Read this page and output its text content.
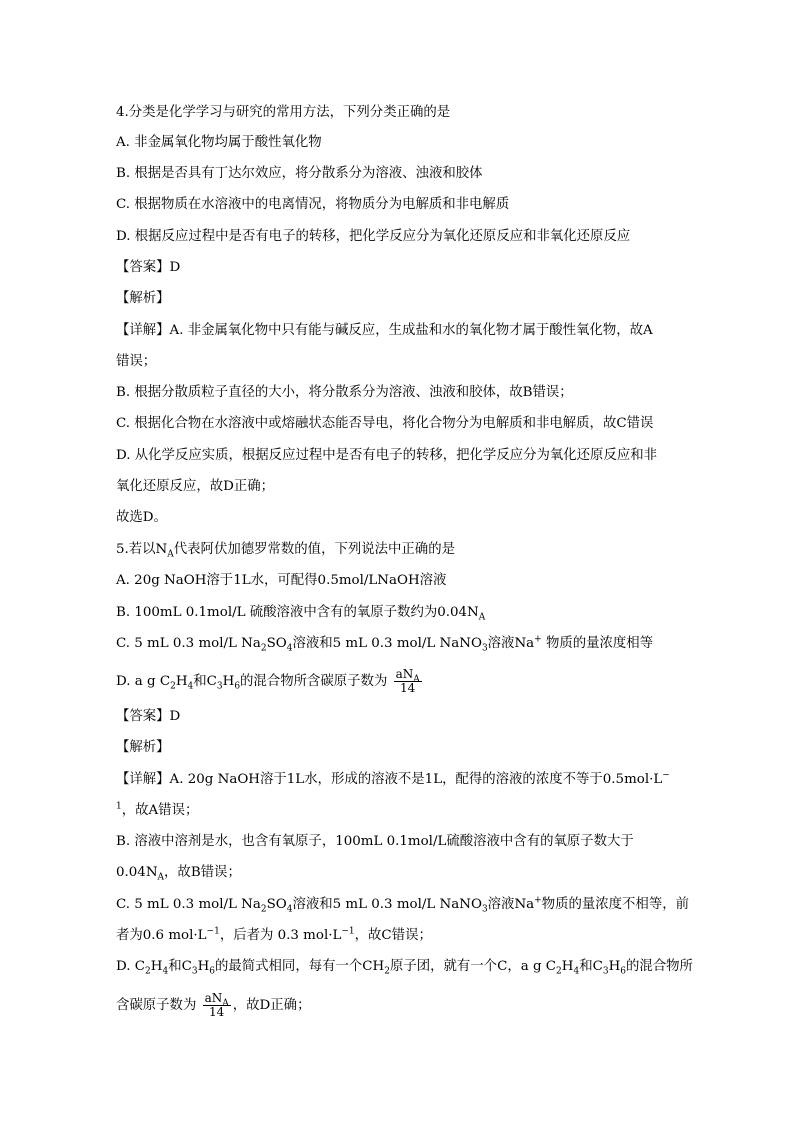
4.分类是化学学习与研究的常用方法，下列分类正确的是
A. 非金属氧化物均属于酸性氧化物
B. 根据是否具有丁达尔效应，将分散系分为溶液、浊液和胶体
C. 根据物质在水溶液中的电离情况，将物质分为电解质和非电解质
D. 根据反应过程中是否有电子的转移，把化学反应分为氧化还原反应和非氧化还原反应
【答案】D
【解析】
【详解】A. 非金属氧化物中只有能与碱反应，生成盐和水的氧化物才属于酸性氧化物，故A
错误；
B. 根据分散质粒子直径的大小，将分散系分为溶液、浊液和胶体，故B错误；
C. 根据化合物在水溶液中或熔融状态能否导电，将化合物分为电解质和非电解质，故C错误
D. 从化学反应实质，根据反应过程中是否有电子的转移，把化学反应分为氧化还原反应和非
氧化还原反应，故D正确；
故选D。
5.若以$N_A$代表阿伏加德罗常数的值，下列说法中正确的是
A. 20g NaOH溶于1L水，可配得0.5mol/LNaOH溶液
B. 100mL 0.1mol/L 硫酸溶液中含有的氧原子数约为$0.04N_A$
C. 5 mL 0.3 mol/L $Na_2SO_4$溶液和5 mL 0.3 mol/L NaNO$_3$溶液Na+ 物质的量浓度相等
D. a g $C_2H_4$和$C_3H_6$的混合物所含碳原子数为 $\frac{aN_A}{14}$
【答案】D
【解析】
【详解】A. 20g NaOH溶于1L水，形成的溶液不是1L，配得的溶液的浓度不等于0.5mol·L−
$^1$，故A错误；
B. 溶液中溶剂是水，也含有氧原子，100mL 0.1mol/L硫酸溶液中含有的氧原子数大于
$0.04N_A$，故B错误；
C. 5 mL 0.3 mol/L $Na_2SO_4$溶液和5 mL 0.3 mol/L NaNO$_3$溶液Na+物质的量浓度不相等，前
者为0.6 $mol\cdot L^{-1}$，后者为 0.3 $mol\cdot L^{-1}$，故C错误；
D. $C_2H_4$和$C_3H_6$的最简式相同，每有一个$CH_2$原子团，就有一个C，a g $C_2H_4$和$C_3H_6$的混合物所
含碳原子数为 $\frac{aN_A}{14}$ ，故D正确；
